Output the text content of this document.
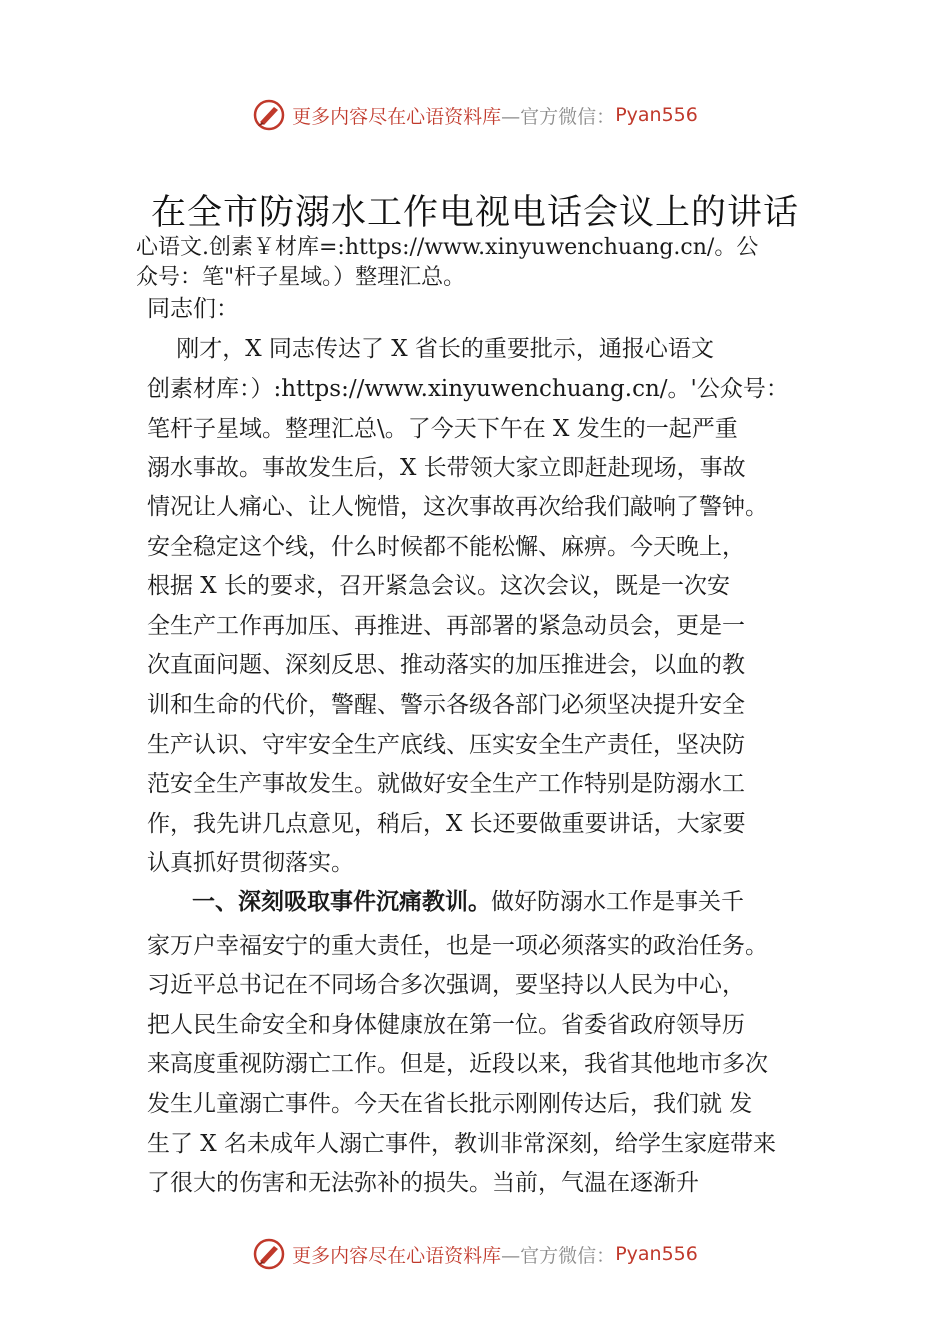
更多内容尽在心语资料库 —官方微信： Pyan556
在全市防溺水工作电视电话会议上的讲话
心语文.创素￥材库=:https://www.xinyuwenchuang.cn/。公
众号：笔"杆子星域。）整理汇总。
同志们：
刚才，X 同志传达了 X 省长的重要批示，通报心语文
创素材库：）:https://www.xinyuwenchuang.cn/。'公众号：
笔杆子星域。整理汇总\。了今天下午在 X 发生的一起严重
溺水事故。事故发生后，X 长带领大家立即赶赴现场，事故
情况让人痛心、让人惋惜，这次事故再次给我们敲响了警钟。
安全稳定这个线，什么时候都不能松懈、麻痹。今天晚上，
根据 X 长的要求，召开紧急会议。这次会议，既是一次安
全生产工作再加压、再推进、再部署的紧急动员会，更是一
次直面问题、深刻反思、推动落实的加压推进会，以血的教
训和生命的代价，警醒、警示各级各部门必须坚决提升安全
生产认识、守牢安全生产底线、压实安全生产责任，坚决防
范安全生产事故发生。就做好安全生产工作特别是防溺水工
作，我先讲几点意见，稍后，X 长还要做重要讲话，大家要
认真抓好贯彻落实。
一、深刻吸取事件沉痛教训。做好防溺水工作是事关千
家万户幸福安宁的重大责任，也是一项必须落实的政治任务。
习近平总书记在不同场合多次强调，要坚持以人民为中心，
把人民生命安全和身体健康放在第一位。省委省政府领导历
来高度重视防溺亡工作。但是，近段以来，我省其他地市多次
发生儿童溺亡事件。今天在省长批示刚刚传达后，我们就 发
生了 X 名未成年人溺亡事件，教训非常深刻，给学生家庭带来
了很大的伤害和无法弥补的损失。当前，气温在逐渐升
更多内容尽在心语资料库 —官方微信： Pyan556
